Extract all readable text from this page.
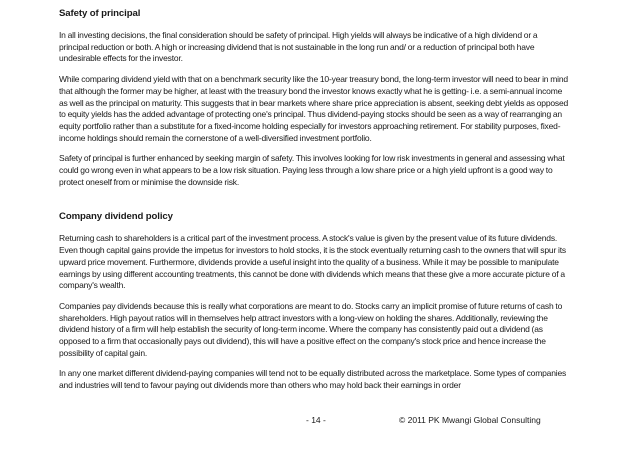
Safety of principal

In all investing decisions, the final consideration should be safety of principal. High yields will always be indicative of a high dividend or a principal reduction or both. A high or increasing dividend that is not sustainable in the long run and/ or a reduction of principal both have undesirable effects for the investor.

While comparing dividend yield with that on a benchmark security like the 10-year treasury bond, the long-term investor will need to bear in mind that although the former may be higher, at least with the treasury bond the investor knows exactly what he is getting- i.e. a semi-annual income as well as the principal on maturity. This suggests that in bear markets where share price appreciation is absent, seeking debt yields as opposed to equity yields has the added advantage of protecting one's principal. Thus dividend-paying stocks should be seen as a way of rearranging an equity portfolio rather than a substitute for a fixed-income holding especially for investors approaching retirement. For stability purposes, fixed-income holdings should remain the cornerstone of a well-diversified investment portfolio.

Safety of principal is further enhanced by seeking margin of safety. This involves looking for low risk investments in general and assessing what could go wrong even in what appears to be a low risk situation. Paying less through a low share price or a high yield upfront is a good way to protect oneself from or minimise the downside risk.

Company dividend policy

Returning cash to shareholders is a critical part of the investment process. A stock's value is given by the present value of its future dividends. Even though capital gains provide the impetus for investors to hold stocks, it is the stock eventually returning cash to the owners that will spur its upward price movement. Furthermore, dividends provide a useful insight into the quality of a business. While it may be possible to manipulate earnings by using different accounting treatments, this cannot be done with dividends which means that these give a more accurate picture of a company's wealth.

Companies pay dividends because this is really what corporations are meant to do. Stocks carry an implicit promise of future returns of cash to shareholders. High payout ratios will in themselves help attract investors with a long-view on holding the shares. Additionally, reviewing the dividend history of a firm will help establish the security of long-term income. Where the company has consistently paid out a dividend (as opposed to a firm that occasionally pays out dividend), this will have a positive effect on the company's stock price and hence increase the possibility of capital gain.

In any one market different dividend-paying companies will tend not to be equally distributed across the marketplace. Some types of companies and industries will tend to favour paying out dividends more than others who may hold back their earnings in order

- 14 -	© 2011 PK Mwangi Global Consulting
